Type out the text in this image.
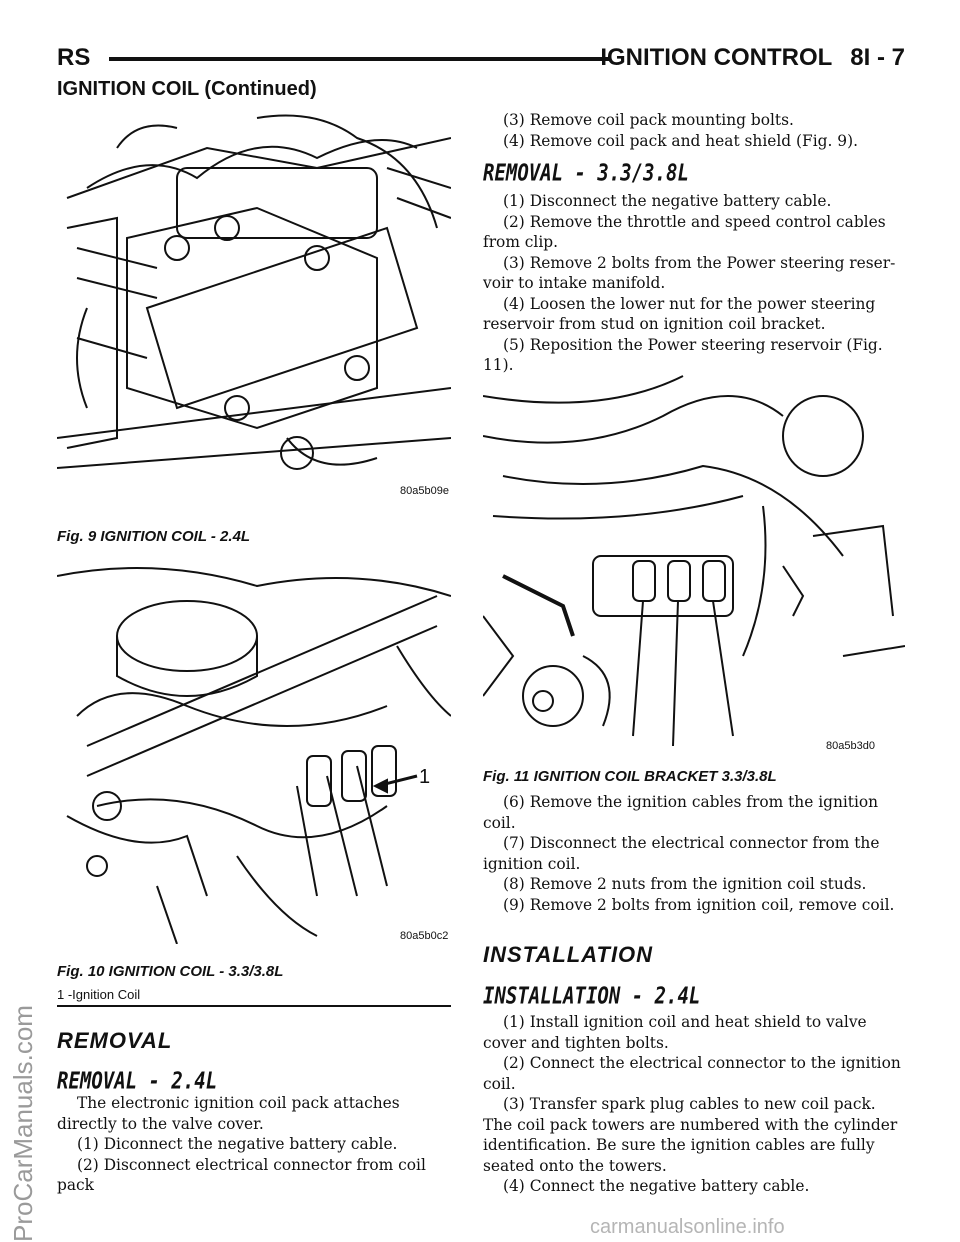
RS	IGNITION CONTROL 8I - 7
IGNITION COIL (Continued)
80a5b09e
Fig. 9 IGNITION COIL - 2.4L
80a5b0c2
1
Fig. 10 IGNITION COIL - 3.3/3.8L
1 -Ignition Coil
REMOVAL
REMOVAL - 2.4L

The electronic ignition coil pack attaches directly to the valve cover.

(1) Diconnect the negative battery cable.

(2) Disconnect electrical connector from coil pack

(3) Remove coil pack mounting bolts.

(4) Remove coil pack and heat shield (Fig. 9).

REMOVAL - 3.3/3.8L

(1) Disconnect the negative battery cable.

(2) Remove the throttle and speed control cables from clip.

(3) Remove 2 bolts from the Power steering reser-voir to intake manifold.

(4) Loosen the lower nut for the power steering reservoir from stud on ignition coil bracket.

(5) Reposition the Power steering reservoir (Fig. 11).

80a5b3d0
Fig. 11 IGNITION COIL BRACKET 3.3/3.8L

(6) Remove the ignition cables from the ignition coil.

(7) Disconnect the electrical connector from the ignition coil.

(8) Remove 2 nuts from the ignition coil studs.

(9) Remove 2 bolts from ignition coil, remove coil.

INSTALLATION
INSTALLATION - 2.4L

(1) Install ignition coil and heat shield to valve cover and tighten bolts.

(2) Connect the electrical connector to the ignition coil.

(3) Transfer spark plug cables to new coil pack. The coil pack towers are numbered with the cylinder identification. Be sure the ignition cables are fully seated onto the towers.

(4) Connect the negative battery cable.

ProCarManuals.com	carmanualsonline.info
